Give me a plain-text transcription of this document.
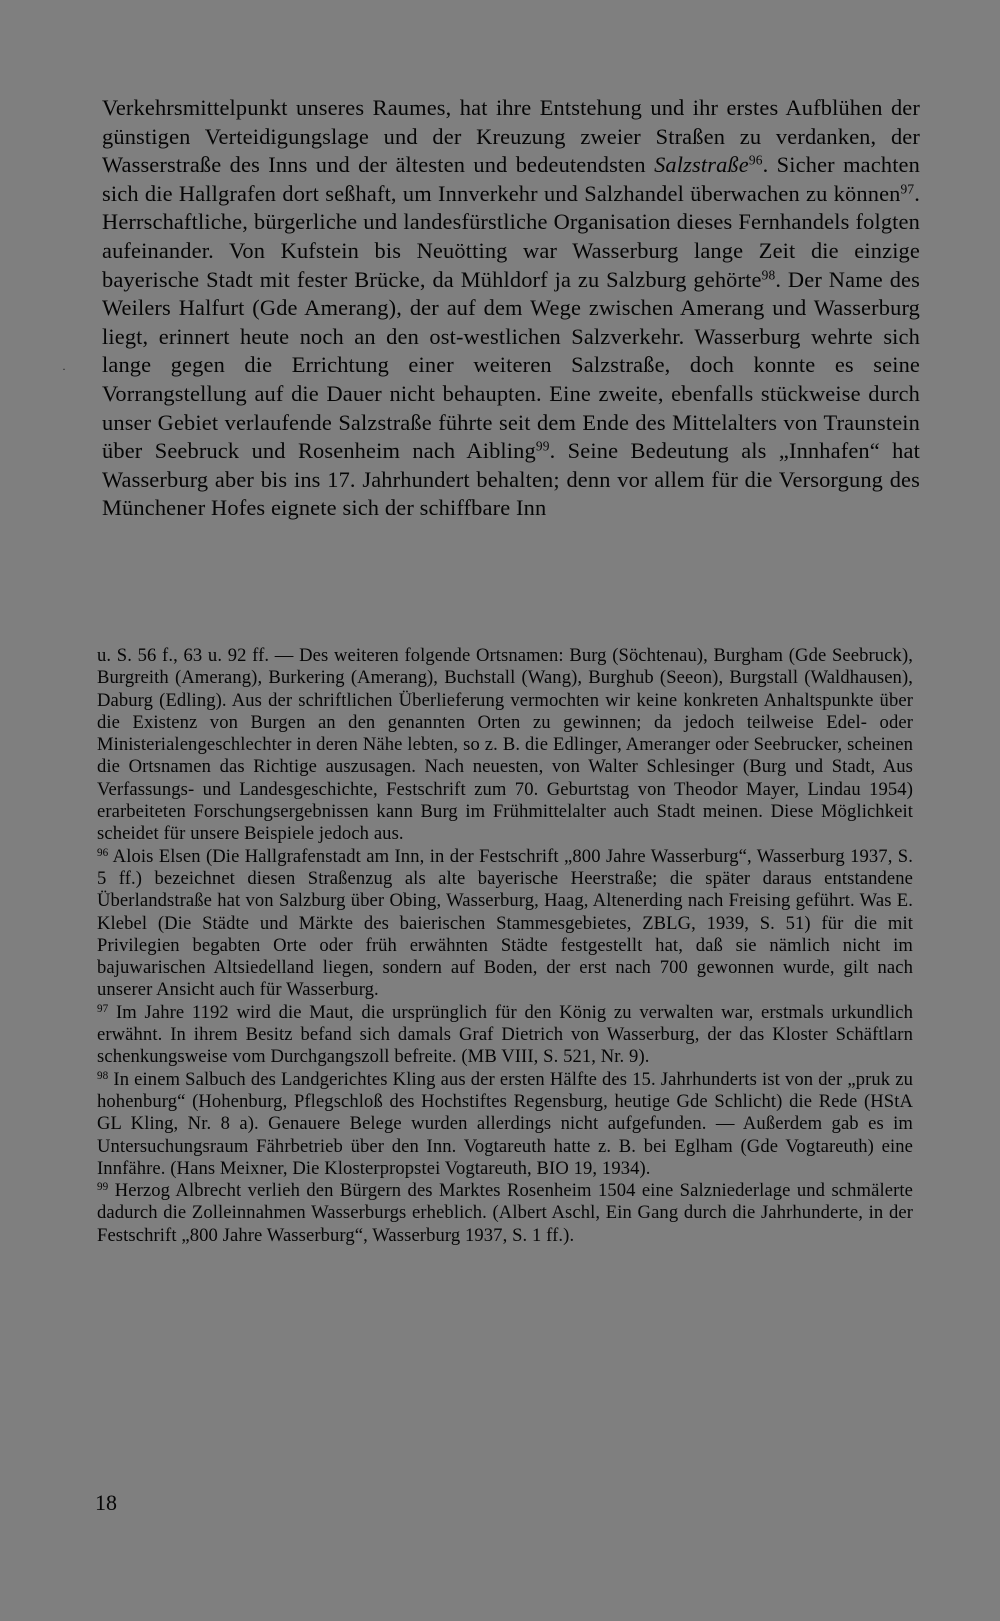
·

Verkehrsmittelpunkt unseres Raumes, hat ihre Entstehung und ihr erstes Aufblühen der günstigen Verteidigungslage und der Kreuzung zweier Straßen zu verdanken, der Wasserstraße des Inns und der ältesten und bedeutendsten Salzstraße$^{96}$. Sicher machten sich die Hallgrafen dort seßhaft, um Innverkehr und Salzhandel überwachen zu können$^{97}$. Herrschaftliche, bürgerliche und landesfürstliche Organisation dieses Fernhandels folgten aufeinander. Von Kufstein bis Neuötting war Wasserburg lange Zeit die einzige bayerische Stadt mit fester Brücke, da Mühldorf ja zu Salzburg gehörte$^{98}$. Der Name des Weilers Halfurt (Gde Amerang), der auf dem Wege zwischen Amerang und Wasserburg liegt, erinnert heute noch an den ost-westlichen Salzverkehr. Wasserburg wehrte sich lange gegen die Errichtung einer weiteren Salzstraße, doch konnte es seine Vorrangstellung auf die Dauer nicht behaupten. Eine zweite, ebenfalls stückweise durch unser Gebiet verlaufende Salzstraße führte seit dem Ende des Mittelalters von Traunstein über Seebruck und Rosenheim nach Aibling$^{99}$. Seine Bedeutung als „Innhafen“ hat Wasserburg aber bis ins 17. Jahrhundert behalten; denn vor allem für die Versorgung des Münchener Hofes eignete sich der schiffbare Inn

u. S. 56 f., 63 u. 92 ff. — Des weiteren folgende Ortsnamen: Burg (Söchtenau), Burgham (Gde Seebruck), Burgreith (Amerang), Burkering (Amerang), Buchstall (Wang), Burghub (Seeon), Burgstall (Waldhausen), Daburg (Edling). Aus der schriftlichen Überlieferung vermochten wir keine konkreten Anhaltspunkte über die Existenz von Burgen an den genannten Orten zu gewinnen; da jedoch teilweise Edel- oder Ministerialengeschlechter in deren Nähe lebten, so z. B. die Edlinger, Ameranger oder Seebrucker, scheinen die Ortsnamen das Richtige auszusagen. Nach neuesten, von Walter Schlesinger (Burg und Stadt, Aus Verfassungs- und Landesgeschichte, Festschrift zum 70. Geburtstag von Theodor Mayer, Lindau 1954) erarbeiteten Forschungsergebnissen kann Burg im Frühmittelalter auch Stadt meinen. Diese Möglichkeit scheidet für unsere Beispiele jedoch aus.

$^{96}$ Alois Elsen (Die Hallgrafenstadt am Inn, in der Festschrift „800 Jahre Wasserburg“, Wasserburg 1937, S. 5 ff.) bezeichnet diesen Straßenzug als alte bayerische Heerstraße; die später daraus entstandene Überlandstraße hat von Salzburg über Obing, Wasserburg, Haag, Altenerding nach Freising geführt. Was E. Klebel (Die Städte und Märkte des baierischen Stammesgebietes, ZBLG, 1939, S. 51) für die mit Privilegien begabten Orte oder früh erwähnten Städte festgestellt hat, daß sie nämlich nicht im bajuwarischen Altsiedelland liegen, sondern auf Boden, der erst nach 700 gewonnen wurde, gilt nach unserer Ansicht auch für Wasserburg.

$^{97}$ Im Jahre 1192 wird die Maut, die ursprünglich für den König zu verwalten war, erstmals urkundlich erwähnt. In ihrem Besitz befand sich damals Graf Dietrich von Wasserburg, der das Kloster Schäftlarn schenkungsweise vom Durchgangszoll befreite. (MB VIII, S. 521, Nr. 9).

$^{98}$ In einem Salbuch des Landgerichtes Kling aus der ersten Hälfte des 15. Jahrhunderts ist von der „pruk zu hohenburg“ (Hohenburg, Pflegschloß des Hochstiftes Regensburg, heutige Gde Schlicht) die Rede (HStA GL Kling, Nr. 8 a). Genauere Belege wurden allerdings nicht aufgefunden. — Außerdem gab es im Untersuchungsraum Fährbetrieb über den Inn. Vogtareuth hatte z. B. bei Eglham (Gde Vogtareuth) eine Innfähre. (Hans Meixner, Die Klosterpropstei Vogtareuth, BIO 19, 1934).

$^{99}$ Herzog Albrecht verlieh den Bürgern des Marktes Rosenheim 1504 eine Salzniederlage und schmälerte dadurch die Zolleinnahmen Wasserburgs erheblich. (Albert Aschl, Ein Gang durch die Jahrhunderte, in der Festschrift „800 Jahre Wasserburg“, Wasserburg 1937, S. 1 ff.).

18
